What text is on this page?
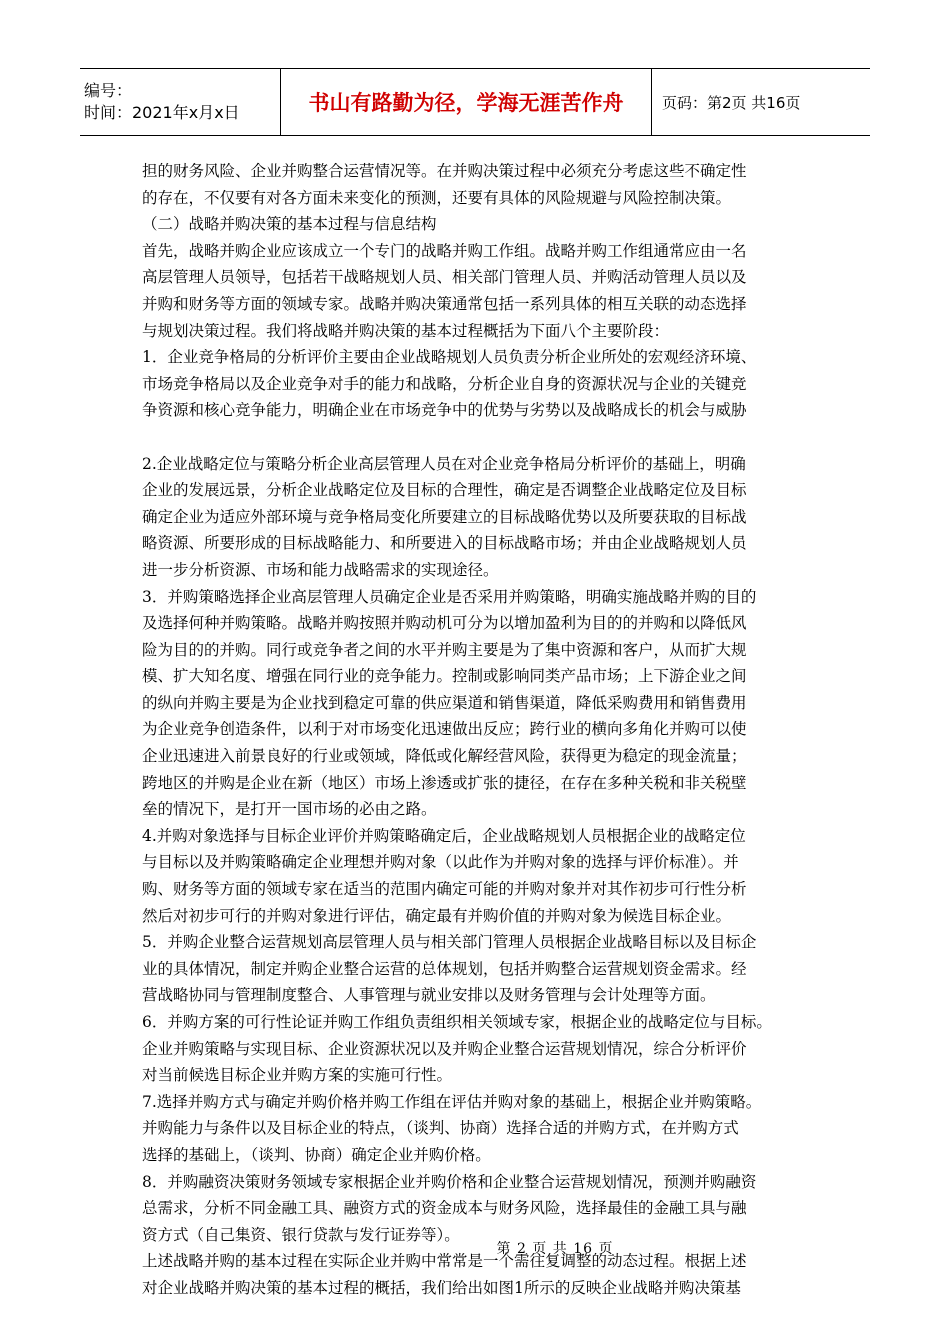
编号：
时间：2021年x月x日	书山有路勤为径，学海无涯苦作舟	页码：第2页 共16页
担的财务风险、企业并购整合运营情况等。在并购决策过程中必须充分考虑这些不确定性
的存在，不仅要有对各方面未来变化的预测，还要有具体的风险规避与风险控制决策。
（二）战略并购决策的基本过程与信息结构
首先，战略并购企业应该成立一个专门的战略并购工作组。战略并购工作组通常应由一名
高层管理人员领导，包括若干战略规划人员、相关部门管理人员、并购活动管理人员以及
并购和财务等方面的领域专家。战略并购决策通常包括一系列具体的相互关联的动态选择
与规划决策过程。我们将战略并购决策的基本过程概括为下面八个主要阶段：
1．企业竞争格局的分析评价主要由企业战略规划人员负责分析企业所处的宏观经济环境、
市场竞争格局以及企业竞争对手的能力和战略，分析企业自身的资源状况与企业的关键竞
争资源和核心竞争能力，明确企业在市场竞争中的优势与劣势以及战略成长的机会与威胁
2.企业战略定位与策略分析企业高层管理人员在对企业竞争格局分析评价的基础上，明确
企业的发展远景，分析企业战略定位及目标的合理性，确定是否调整企业战略定位及目标
确定企业为适应外部环境与竞争格局变化所要建立的目标战略优势以及所要获取的目标战
略资源、所要形成的目标战略能力、和所要进入的目标战略市场；并由企业战略规划人员
进一步分析资源、市场和能力战略需求的实现途径。
3．并购策略选择企业高层管理人员确定企业是否采用并购策略，明确实施战略并购的目的
及选择何种并购策略。战略并购按照并购动机可分为以增加盈利为目的的并购和以降低风
险为目的的并购。同行或竞争者之间的水平并购主要是为了集中资源和客户，从而扩大规
模、扩大知名度、增强在同行业的竞争能力。控制或影响同类产品市场；上下游企业之间
的纵向并购主要是为企业找到稳定可靠的供应渠道和销售渠道，降低采购费用和销售费用
为企业竞争创造条件，以利于对市场变化迅速做出反应；跨行业的横向多角化并购可以使
企业迅速进入前景良好的行业或领域，降低或化解经营风险，获得更为稳定的现金流量；
跨地区的并购是企业在新（地区）市场上渗透或扩张的捷径，在存在多种关税和非关税壁
垒的情况下，是打开一国市场的必由之路。
4.并购对象选择与目标企业评价并购策略确定后，企业战略规划人员根据企业的战略定位
与目标以及并购策略确定企业理想并购对象（以此作为并购对象的选择与评价标准）。并
购、财务等方面的领域专家在适当的范围内确定可能的并购对象并对其作初步可行性分析
然后对初步可行的并购对象进行评估，确定最有并购价值的并购对象为候选目标企业。
5．并购企业整合运营规划高层管理人员与相关部门管理人员根据企业战略目标以及目标企
业的具体情况，制定并购企业整合运营的总体规划，包括并购整合运营规划资金需求。经
营战略协同与管理制度整合、人事管理与就业安排以及财务管理与会计处理等方面。
6．并购方案的可行性论证并购工作组负责组织相关领域专家，根据企业的战略定位与目标。
企业并购策略与实现目标、企业资源状况以及并购企业整合运营规划情况，综合分析评价
对当前候选目标企业并购方案的实施可行性。
7.选择并购方式与确定并购价格并购工作组在评估并购对象的基础上，根据企业并购策略。
并购能力与条件以及目标企业的特点，（谈判、协商）选择合适的并购方式，在并购方式
选择的基础上，（谈判、协商）确定企业并购价格。
8．并购融资决策财务领域专家根据企业并购价格和企业整合运营规划情况，预测并购融资
总需求，分析不同金融工具、融资方式的资金成本与财务风险，选择最佳的金融工具与融
资方式（自己集资、银行贷款与发行证券等）。
上述战略并购的基本过程在实际企业并购中常常是一个需往复调整的动态过程。根据上述
对企业战略并购决策的基本过程的概括，我们给出如图1所示的反映企业战略并购决策基
第 2 页 共 16 页
